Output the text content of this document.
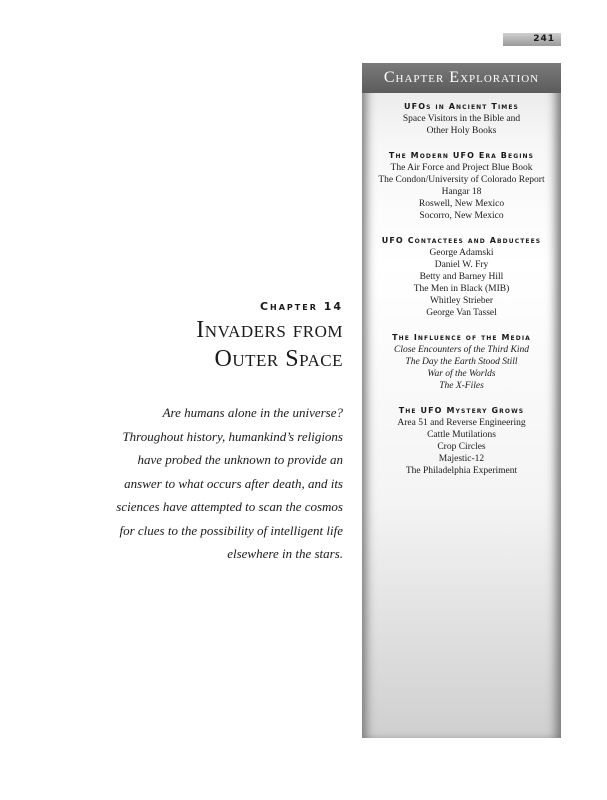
241
Chapter Exploration
UFOs in Ancient Times
Space Visitors in the Bible and
Other Holy Books
The Modern UFO Era Begins
The Air Force and Project Blue Book
The Condon/University of Colorado Report
Hangar 18
Roswell, New Mexico
Socorro, New Mexico
UFO Contactees and Abductees
George Adamski
Daniel W. Fry
Betty and Barney Hill
The Men in Black (MIB)
Whitley Strieber
George Van Tassel
The Influence of the Media
Close Encounters of the Third Kind
The Day the Earth Stood Still
War of the Worlds
The X-Files
The UFO Mystery Grows
Area 51 and Reverse Engineering
Cattle Mutilations
Crop Circles
Majestic-12
The Philadelphia Experiment
Chapter 14
Invaders from
Outer Space
Are humans alone in the universe?
Throughout history, humankind’s religions
have probed the unknown to provide an
answer to what occurs after death, and its
sciences have attempted to scan the cosmos
for clues to the possibility of intelligent life
elsewhere in the stars.
